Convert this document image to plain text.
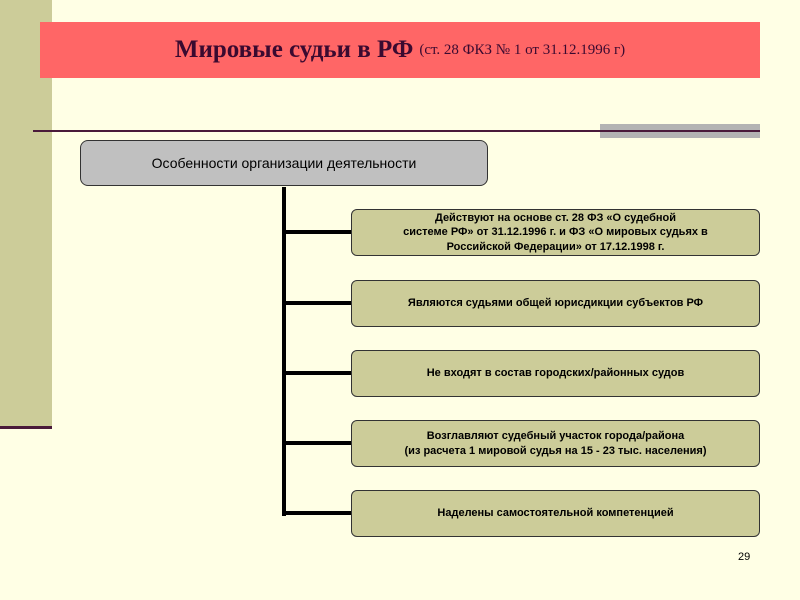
Мировые судьи в РФ (ст. 28 ФКЗ № 1 от 31.12.1996 г)
Особенности организации деятельности
Действуют на основе ст. 28 ФЗ «О судебной
системе РФ» от 31.12.1996 г. и ФЗ «О мировых судьях в
Российской Федерации» от 17.12.1998 г.
Являются судьями общей юрисдикции субъектов РФ
Не входят в состав городских/районных судов
Возглавляют судебный участок города/района
(из расчета 1 мировой судья на 15 - 23 тыс. населения)
Наделены самостоятельной компетенцией
29
